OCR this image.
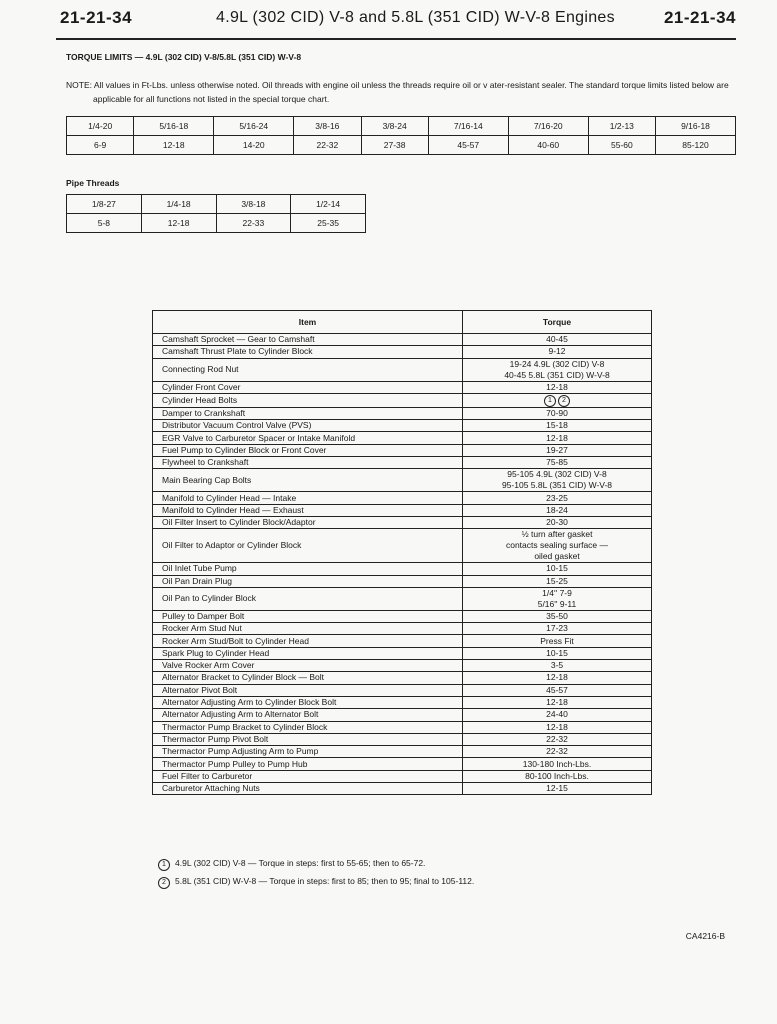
21-21-34	4.9L (302 CID) V-8 and 5.8L (351 CID) W-V-8 Engines	21-21-34
TORQUE LIMITS — 4.9L (302 CID) V-8/5.8L (351 CID) W-V-8
NOTE: All values in Ft-Lbs. unless otherwise noted. Oil threads with engine oil unless the threads require oil or v ater-resistant sealer. The standard torque limits listed below are
applicable for all functions not listed in the special torque chart.
1/4-20	5/16-18	5/16-24	3/8-16	3/8-24	7/16-14	7/16-20	1/2-13	9/16-18
6-9	12-18	14-20	22-32	27-38	45-57	40-60	55-60	85-120
Pipe Threads
1/8-27	1/4-18	3/8-18	1/2-14
5-8	12-18	22-33	25-35
Item	Torque
Camshaft Sprocket — Gear to Camshaft	40-45

Camshaft Thrust Plate to Cylinder Block	9-12

Connecting Rod Nut	19-24 4.9L (302 CID) V-8
40-45 5.8L (351 CID) W-V-8

Cylinder Front Cover	12-18

Cylinder Head Bolts	1 2
Damper to Crankshaft	70-90

Distributor Vacuum Control Valve (PVS)	15-18

EGR Valve to Carburetor Spacer or Intake Manifold	12-18

Fuel Pump to Cylinder Block or Front Cover	19-27

Flywheel to Crankshaft	75-85

Main Bearing Cap Bolts	95-105 4.9L (302 CID) V-8
95-105 5.8L (351 CID) W-V-8

Manifold to Cylinder Head — Intake	23-25

Manifold to Cylinder Head — Exhaust	18-24

Oil Filter Insert to Cylinder Block/Adaptor	20-30

Oil Filter to Adaptor or Cylinder Block	½ turn after gasket
contacts sealing surface —
oiled gasket

Oil Inlet Tube Pump	10-15

Oil Pan Drain Plug	15-25

Oil Pan to Cylinder Block	1/4'' 7-9
5/16'' 9-11

Pulley to Damper Bolt	35-50

Rocker Arm Stud Nut	17-23

Rocker Arm Stud/Bolt to Cylinder Head	Press Fit

Spark Plug to Cylinder Head	10-15

Valve Rocker Arm Cover	3-5

Alternator Bracket to Cylinder Block — Bolt	12-18

Alternator Pivot Bolt	45-57

Alternator Adjusting Arm to Cylinder Block Bolt	12-18

Alternator Adjusting Arm to Alternator Bolt	24-40

Thermactor Pump Bracket to Cylinder Block	12-18

Thermactor Pump Pivot Bolt	22-32

Thermactor Pump Adjusting Arm to Pump	22-32

Thermactor Pump Pulley to Pump Hub	130-180 Inch-Lbs.

Fuel Filter to Carburetor	80-100 Inch-Lbs.

Carburetor Attaching Nuts	12-15
1 4.9L (302 CID) V-8 — Torque in steps: first to 55-65; then to 65-72.
2 5.8L (351 CID) W-V-8 — Torque in steps: first to 85; then to 95; final to 105-112.
CA4216-B
